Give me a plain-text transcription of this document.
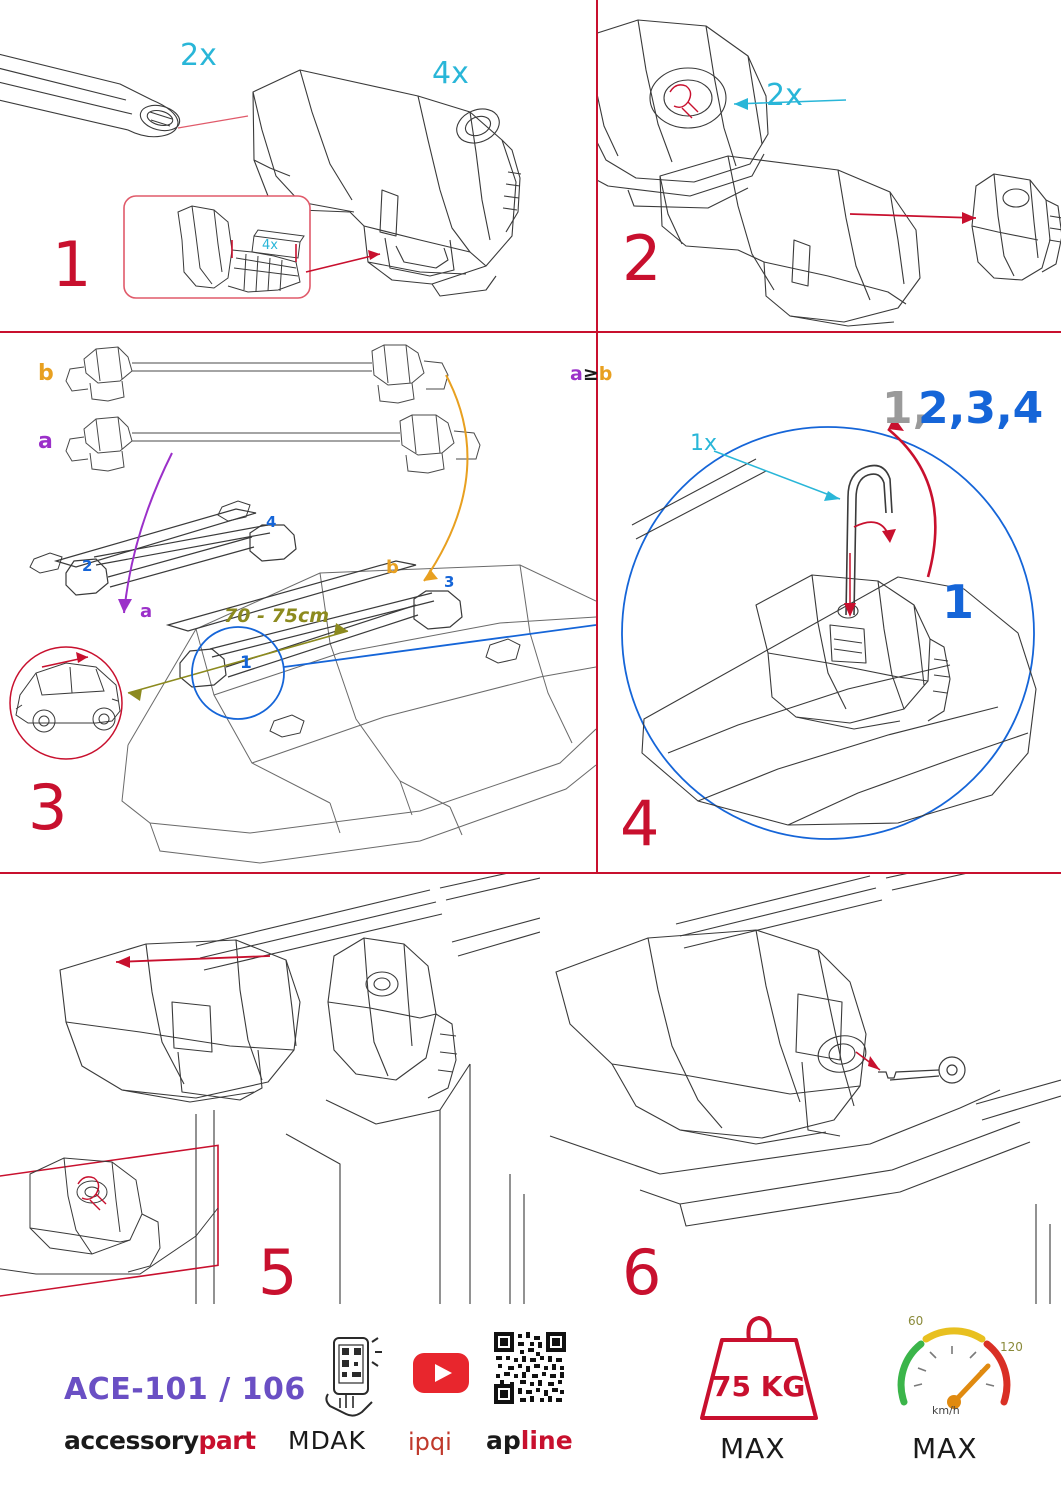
2x
4x
4x
1
2x
2
b
a
a
b
70 - 75cm
1
2
3
4
3
a≥b
1,
2,3,4
1x
1
4
5	6
ACE-101 / 106
accessorypart MDAK ipqi apline
75 KG
MAX
60
120
km/h
MAX
